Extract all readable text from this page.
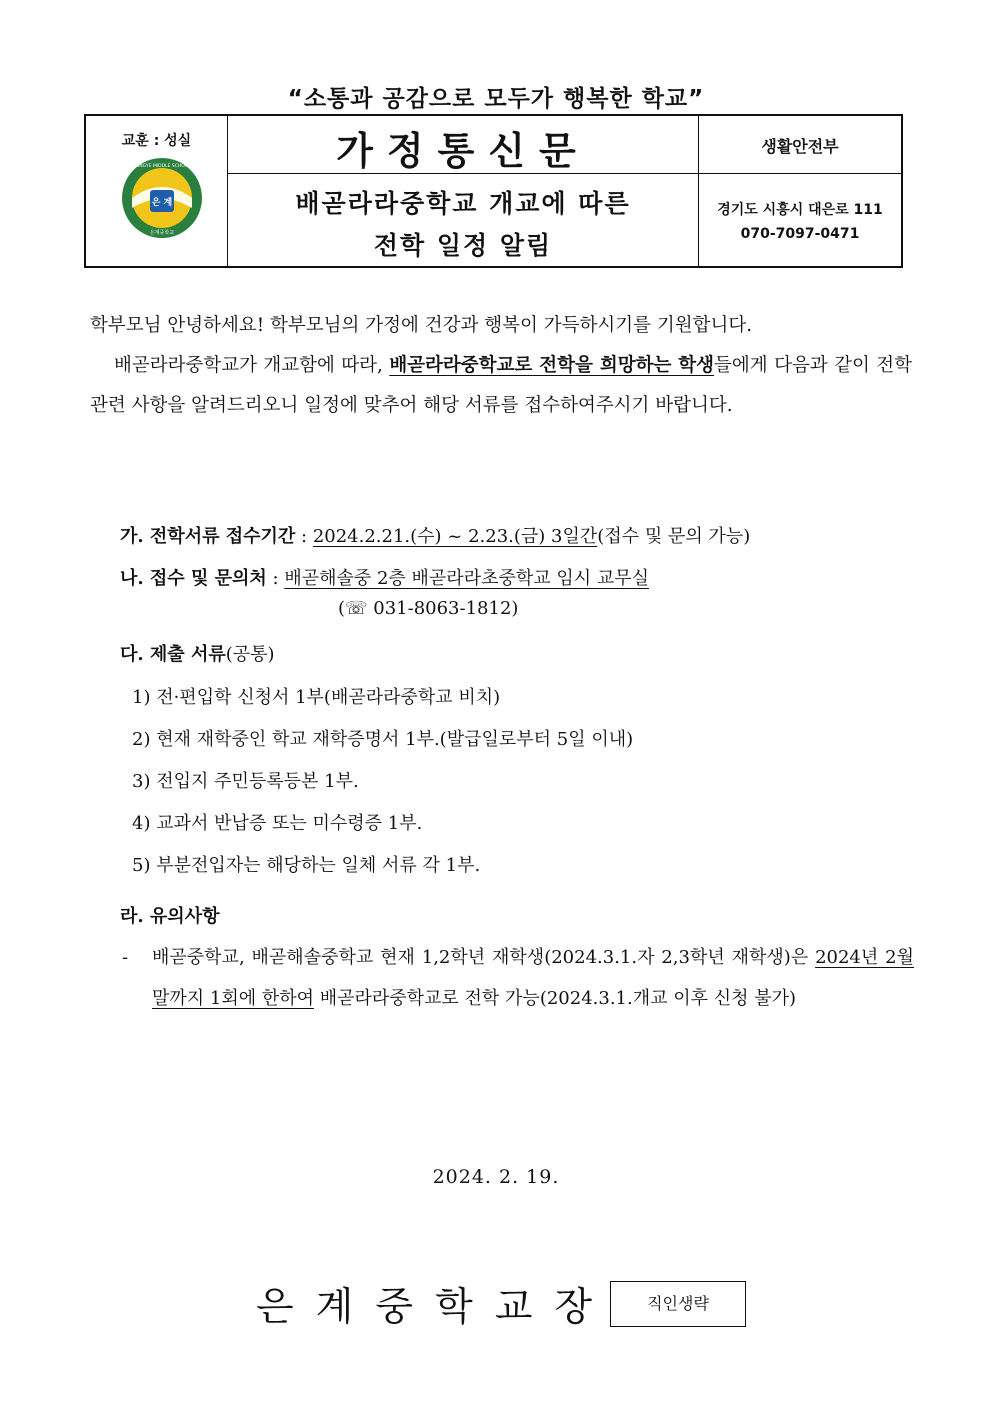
“소통과 공감으로 모두가 행복한 학교”
교훈 : 성실
은 계
EUNGYE MIDDLE SCHOOL
은계중학교
가정통신문	생활안전부
배곧라라중학교 개교에 따른
전학 일정 알림
경기도 시흥시 대은로 111
070-7097-0471
학부모님 안녕하세요! 학부모님의 가정에 건강과 행복이 가득하시기를 기원합니다.
배곧라라중학교가 개교함에 따라, 배곧라라중학교로 전학을 희망하는 학생들에게 다음과 같이 전학 관련 사항을 알려드리오니 일정에 맞추어 해당 서류를 접수하여주시기 바랍니다.
가. 전학서류 접수기간 : 2024.2.21.(수) ~ 2.23.(금) 3일간(접수 및 문의 가능)
나. 접수 및 문의처 : 배곧해솔중 2층 배곧라라초중학교 임시 교무실
(☏ 031-8063-1812)
다. 제출 서류(공통)
1) 전·편입학 신청서 1부(배곧라라중학교 비치)
2) 현재 재학중인 학교 재학증명서 1부.(발급일로부터 5일 이내)
3) 전입지 주민등록등본 1부.
4) 교과서 반납증 또는 미수령증 1부.
5) 부분전입자는 해당하는 일체 서류 각 1부.
라. 유의사항
- 배곧중학교, 배곧해솔중학교 현재 1,2학년 재학생(2024.3.1.자 2,3학년 재학생)은 2024년 2월 말까지 1회에 한하여 배곧라라중학교로 전학 가능(2024.3.1.개교 이후 신청 불가)
2024. 2. 19.
은계중학교장	직인생략
